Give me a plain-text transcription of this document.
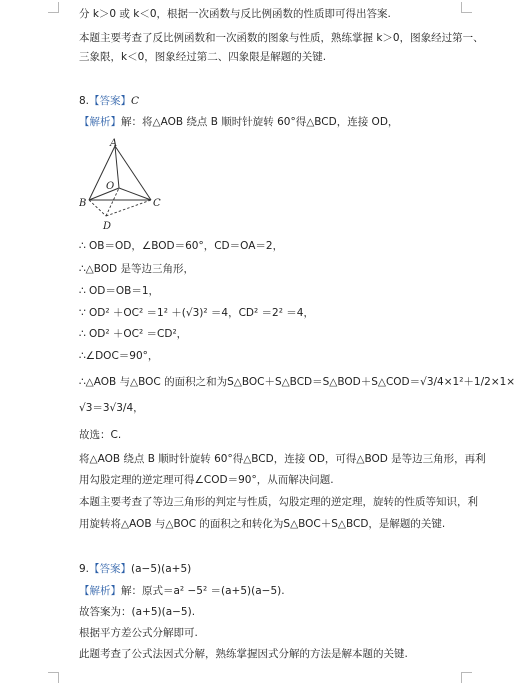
分 k＞0 或 k＜0，根据一次函数与反比例函数的性质即可得出答案.
本题主要考查了反比例函数和一次函数的图象与性质，熟练掌握 k＞0，图象经过第一、
三象限，k＜0，图象经过第二、四象限是解题的关键.
8.【答案】C
【解析】解：将△AOB 绕点 B 顺时针旋转 60°得△BCD，连接 OD，
A
O
B	C
D
∴ OB＝OD，∠BOD＝60°，CD＝OA＝2，
∴△BOD 是等边三角形，
∴ OD＝OB＝1，
∵ OD² ＋OC² ＝1² ＋(√3)² ＝4，CD² ＝2² ＝4，
∴ OD² ＋OC² ＝CD²，
∴∠DOC＝90°，
∴△AOB 与△BOC 的面积之和为S△BOC＋S△BCD＝S△BOD＋S△COD＝√3/4×1²＋1/2×1×
√3＝3√3/4，
故选：C.
将△AOB 绕点 B 顺时针旋转 60°得△BCD，连接 OD，可得△BOD 是等边三角形，再利
用勾股定理的逆定理可得∠COD＝90°，从而解决问题.
本题主要考查了等边三角形的判定与性质，勾股定理的逆定理，旋转的性质等知识，利
用旋转将△AOB 与△BOC 的面积之和转化为S△BOC＋S△BCD，是解题的关键.
9.【答案】(a−5)(a+5)
【解析】解：原式＝a² −5² ＝(a+5)(a−5).
故答案为：(a+5)(a−5).
根据平方差公式分解即可.
此题考查了公式法因式分解，熟练掌握因式分解的方法是解本题的关键.
